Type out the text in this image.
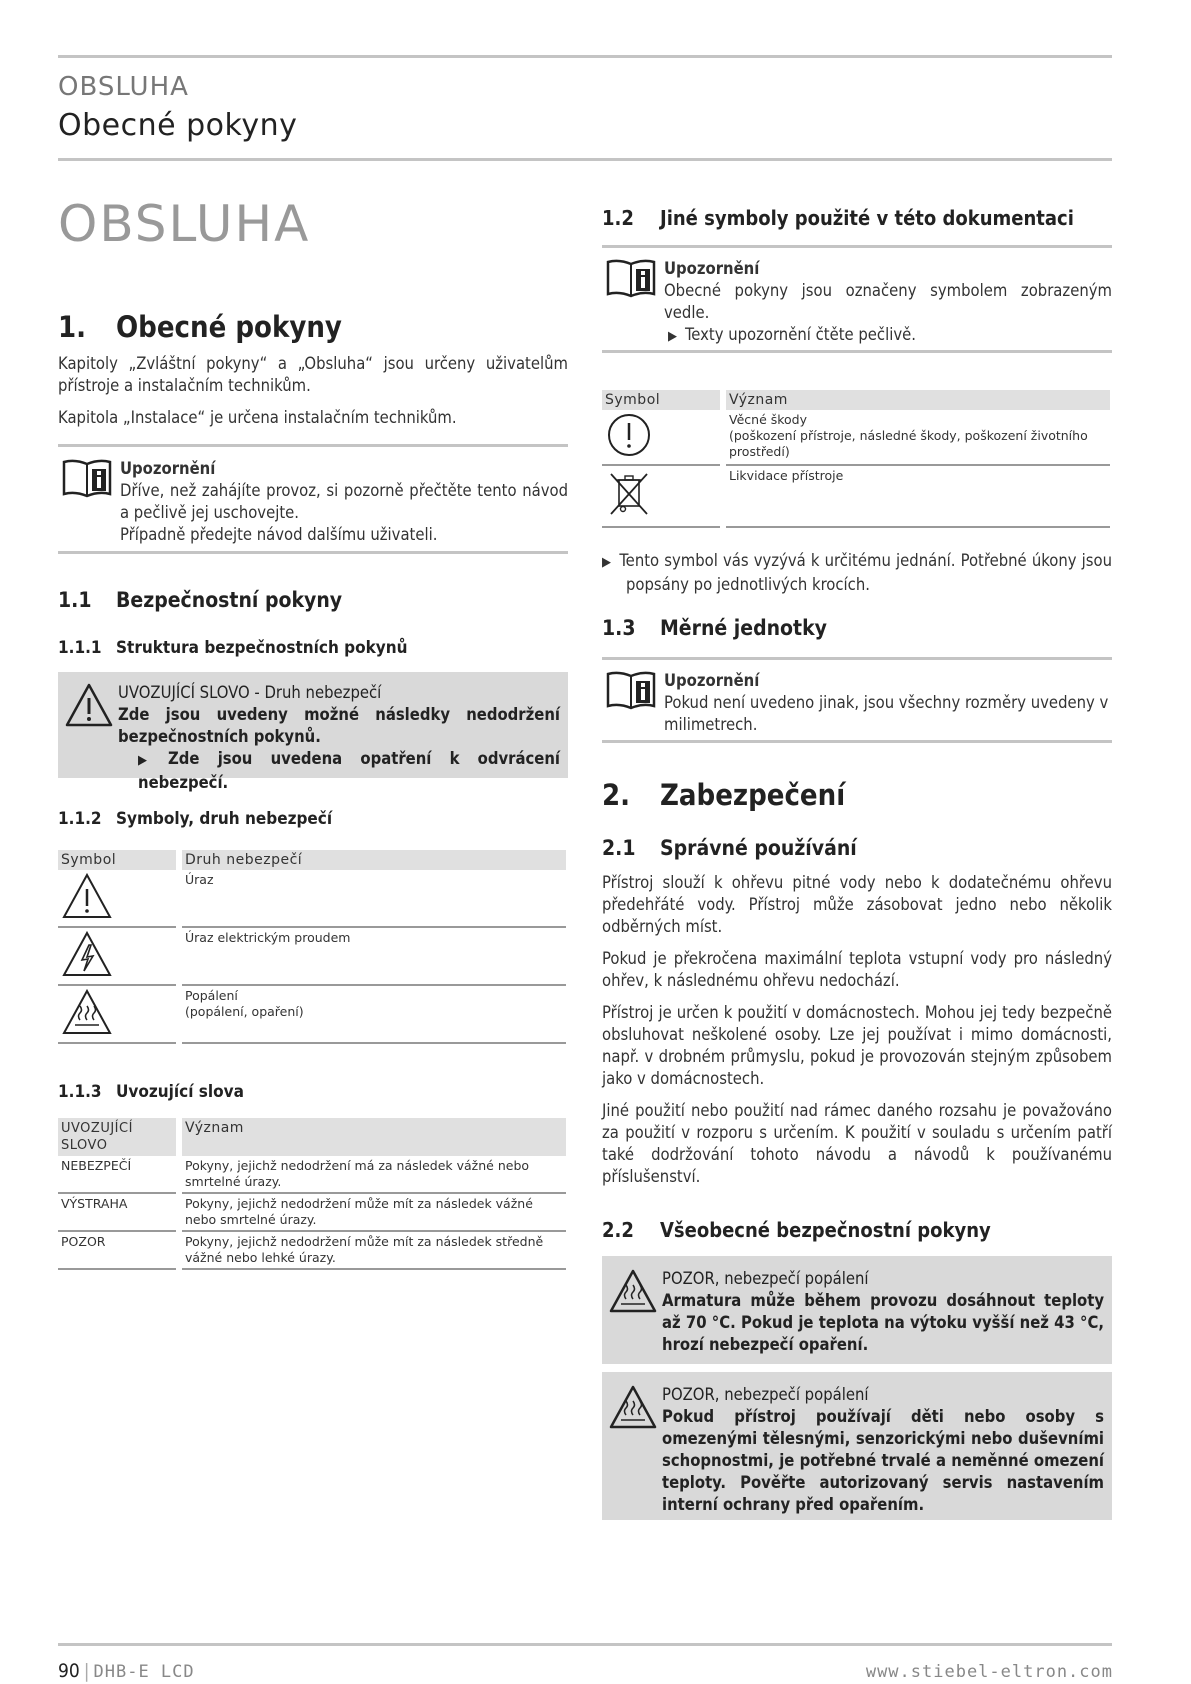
OBSLUHA
Obecné pokyny
OBSLUHA
1. Obecné pokyny

Kapitoly „Zvláštní pokyny“ a „Obsluha“ jsou určeny uživatelům přístroje a instalačním technikům.

Kapitola „Instalace“ je určena instalačním technikům.

Upozornění
Dříve, než zahájíte provoz, si pozorně přečtěte tento návod a pečlivě jej uschovejte.
Případně předejte návod dalšímu uživateli.
1.1 Bezpečnostní pokyny
1.1.1 Struktura bezpečnostních pokynů
UVOZUJÍCÍ SLOVO - Druh nebezpečí
Zde jsou uvedeny možné následky nedodržení bezpečnostních pokynů.
▶ Zde jsou uvedena opatření k odvrácení nebezpečí.
1.1.2 Symboly, druh nebezpečí
Symbol		Druh nebezpečí
		Úraz
		Úraz elektrickým proudem
		Popálení
(popálení, opaření)
1.1.3 Uvozující slova
UVOZUJÍCÍ SLOVO		Význam
NEBEZPEČÍ		Pokyny, jejichž nedodržení má za následek vážné nebo smrtelné úrazy.
VÝSTRAHA		Pokyny, jejichž nedodržení může mít za následek vážné nebo smrtelné úrazy.
POZOR		Pokyny, jejichž nedodržení může mít za následek středně vážné nebo lehké úrazy.
1.2 Jiné symboly použité v této dokumentaci
Upozornění
Obecné pokyny jsou označeny symbolem zobrazeným vedle.
▶ Texty upozornění čtěte pečlivě.
Symbol		Význam
		Věcné škody
(poškození přístroje, následné škody, poškození životního prostředí)
		Likvidace přístroje
▶ Tento symbol vás vyzývá k určitému jednání. Potřebné úkony jsou popsány po jednotlivých krocích.
1.3 Měrné jednotky
Upozornění
Pokud není uvedeno jinak, jsou všechny rozměry uvedeny v milimetrech.
2. Zabezpečení
2.1 Správné používání

Přístroj slouží k ohřevu pitné vody nebo k dodatečnému ohřevu předehřáté vody. Přístroj může zásobovat jedno nebo několik odběrných míst.

Pokud je překročena maximální teplota vstupní vody pro následný ohřev, k následnému ohřevu nedochází.

Přístroj je určen k použití v domácnostech. Mohou jej tedy bezpečně obsluhovat neškolené osoby. Lze jej používat i mimo domácnosti, např. v drobném průmyslu, pokud je provozován stejným způsobem jako v domácnostech.

Jiné použití nebo použití nad rámec daného rozsahu je považováno za použití v rozporu s určením. K použití v souladu s určením patří také dodržování tohoto návodu a návodů k používanému příslušenství.

2.2 Všeobecné bezpečnostní pokyny
POZOR, nebezpečí popálení
Armatura může během provozu dosáhnout teploty až 70 °C. Pokud je teplota na výtoku vyšší než 43 °C, hrozí nebezpečí opaření.
POZOR, nebezpečí popálení
Pokud přístroj používají děti nebo osoby s omezenými tělesnými, senzorickými nebo duševními schopnostmi, je potřebné trvalé a neměnné omezení teploty. Pověřte autorizovaný servis nastavením interní ochrany před opařením.
90 | DHB-E LCD	www.stiebel-eltron.com
